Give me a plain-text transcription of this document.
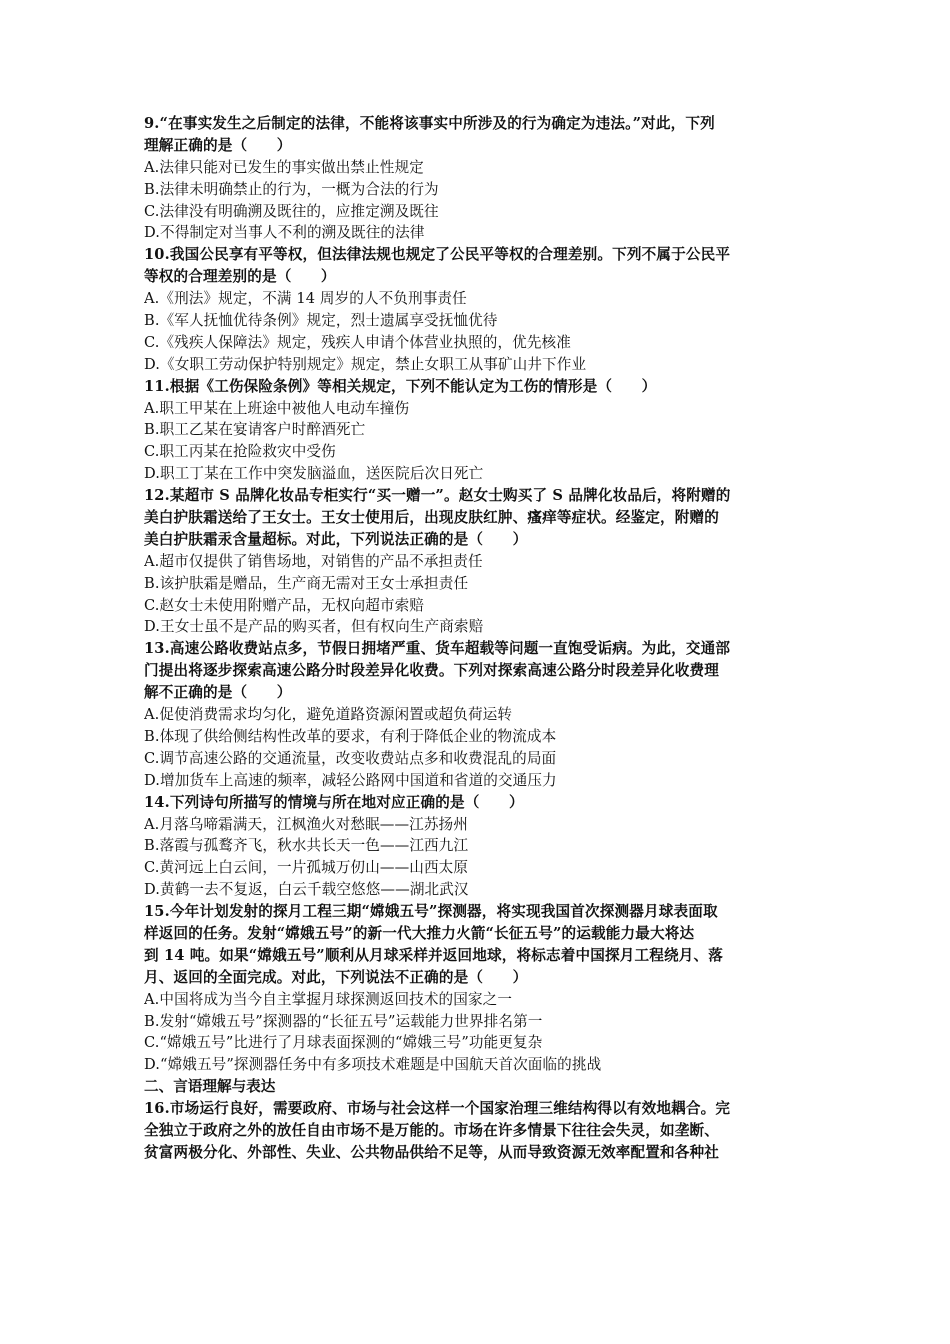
9.“在事实发生之后制定的法律，不能将该事实中所涉及的行为确定为违法。”对此，下列
理解正确的是（　　）
A.法律只能对已发生的事实做出禁止性规定
B.法律未明确禁止的行为，一概为合法的行为
C.法律没有明确溯及既往的，应推定溯及既往
D.不得制定对当事人不利的溯及既往的法律
10.我国公民享有平等权，但法律法规也规定了公民平等权的合理差别。下列不属于公民平
等权的合理差别的是（　　）
A.《刑法》规定，不满 14 周岁的人不负刑事责任
B.《军人抚恤优待条例》规定，烈士遗属享受抚恤优待
C.《残疾人保障法》规定，残疾人申请个体营业执照的，优先核准
D.《女职工劳动保护特别规定》规定，禁止女职工从事矿山井下作业
11.根据《工伤保险条例》等相关规定，下列不能认定为工伤的情形是（　　）
A.职工甲某在上班途中被他人电动车撞伤
B.职工乙某在宴请客户时醉酒死亡
C.职工丙某在抢险救灾中受伤
D.职工丁某在工作中突发脑溢血，送医院后次日死亡
12.某超市 S 品牌化妆品专柜实行“买一赠一”。赵女士购买了 S 品牌化妆品后，将附赠的
美白护肤霜送给了王女士。王女士使用后，出现皮肤红肿、瘙痒等症状。经鉴定，附赠的
美白护肤霜汞含量超标。对此，下列说法正确的是（　　）
A.超市仅提供了销售场地，对销售的产品不承担责任
B.该护肤霜是赠品，生产商无需对王女士承担责任
C.赵女士未使用附赠产品，无权向超市索赔
D.王女士虽不是产品的购买者，但有权向生产商索赔
13.高速公路收费站点多，节假日拥堵严重、货车超载等问题一直饱受诟病。为此，交通部
门提出将逐步探索高速公路分时段差异化收费。下列对探索高速公路分时段差异化收费理
解不正确的是（　　）
A.促使消费需求均匀化，避免道路资源闲置或超负荷运转
B.体现了供给侧结构性改革的要求，有利于降低企业的物流成本
C.调节高速公路的交通流量，改变收费站点多和收费混乱的局面
D.增加货车上高速的频率，减轻公路网中国道和省道的交通压力
14.下列诗句所描写的情境与所在地对应正确的是（　　）
A.月落乌啼霜满天，江枫渔火对愁眠——江苏扬州
B.落霞与孤鹜齐飞，秋水共长天一色——江西九江
C.黄河远上白云间，一片孤城万仞山——山西太原
D.黄鹤一去不复返，白云千载空悠悠——湖北武汉
15.今年计划发射的探月工程三期“嫦娥五号”探测器，将实现我国首次探测器月球表面取
样返回的任务。发射“嫦娥五号”的新一代大推力火箭“长征五号”的运载能力最大将达
到 14 吨。如果“嫦娥五号”顺利从月球采样并返回地球，将标志着中国探月工程绕月、落
月、返回的全面完成。对此，下列说法不正确的是（　　）
A.中国将成为当今自主掌握月球探测返回技术的国家之一
B.发射“嫦娥五号”探测器的“长征五号”运载能力世界排名第一
C.“嫦娥五号”比进行了月球表面探测的“嫦娥三号”功能更复杂
D.“嫦娥五号”探测器任务中有多项技术难题是中国航天首次面临的挑战
二、言语理解与表达
16.市场运行良好，需要政府、市场与社会这样一个国家治理三维结构得以有效地耦合。完
全独立于政府之外的放任自由市场不是万能的。市场在许多情景下往往会失灵，如垄断、
贫富两极分化、外部性、失业、公共物品供给不足等，从而导致资源无效率配置和各种社
